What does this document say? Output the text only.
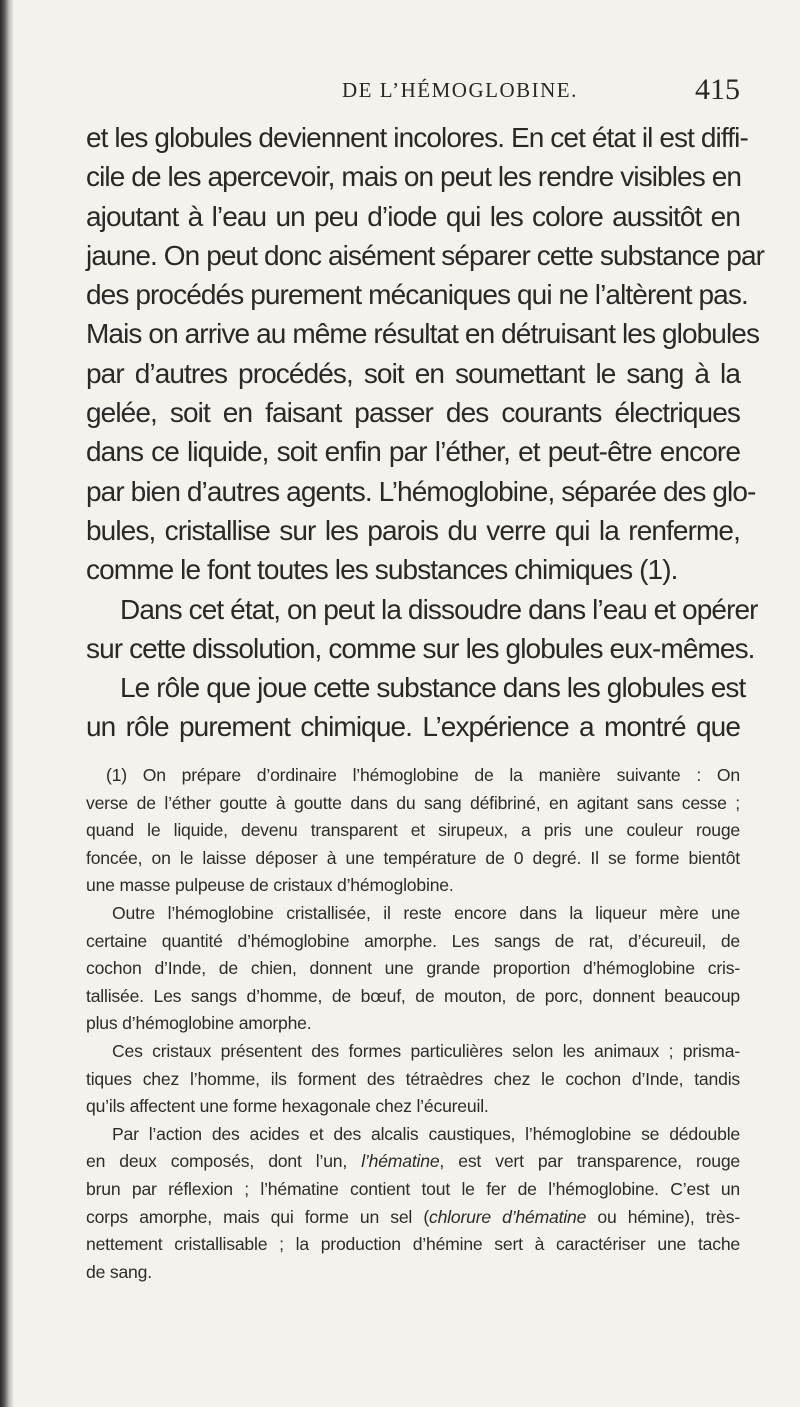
DE L’HÉMOGLOBINE.	415
et les globules deviennent incolores. En cet état il est diffi-
cile de les apercevoir, mais on peut les rendre visibles en
ajoutant à l’eau un peu d’iode qui les colore aussitôt en
jaune. On peut donc aisément séparer cette substance par
des procédés purement mécaniques qui ne l’altèrent pas.
Mais on arrive au même résultat en détruisant les globules
par d’autres procédés, soit en soumettant le sang à la
gelée, soit en faisant passer des courants électriques
dans ce liquide, soit enfin par l’éther, et peut-être encore
par bien d’autres agents. L’hémoglobine, séparée des glo-
bules, cristallise sur les parois du verre qui la renferme,
comme le font toutes les substances chimiques (1).
Dans cet état, on peut la dissoudre dans l’eau et opérer
sur cette dissolution, comme sur les globules eux-mêmes.
Le rôle que joue cette substance dans les globules est
un rôle purement chimique. L’expérience a montré que
(1) On prépare d’ordinaire l’hémoglobine de la manière suivante : On
verse de l’éther goutte à goutte dans du sang défibriné, en agitant sans cesse ;
quand le liquide, devenu transparent et sirupeux, a pris une couleur rouge
foncée, on le laisse déposer à une température de 0 degré. Il se forme bientôt
une masse pulpeuse de cristaux d’hémoglobine.
Outre l’hémoglobine cristallisée, il reste encore dans la liqueur mère une
certaine quantité d’hémoglobine amorphe. Les sangs de rat, d’écureuil, de
cochon d’Inde, de chien, donnent une grande proportion d’hémoglobine cris-
tallisée. Les sangs d’homme, de bœuf, de mouton, de porc, donnent beaucoup
plus d’hémoglobine amorphe.
Ces cristaux présentent des formes particulières selon les animaux ; prisma-
tiques chez l’homme, ils forment des tétraèdres chez le cochon d’Inde, tandis
qu’ils affectent une forme hexagonale chez l’écureuil.
Par l’action des acides et des alcalis caustiques, l’hémoglobine se dédouble
en deux composés, dont l’un, l’hématine, est vert par transparence, rouge
brun par réflexion ; l’hématine contient tout le fer de l’hémoglobine. C’est un
corps amorphe, mais qui forme un sel (chlorure d’hématine ou hémine), très-
nettement cristallisable ; la production d’hémine sert à caractériser une tache
de sang.
